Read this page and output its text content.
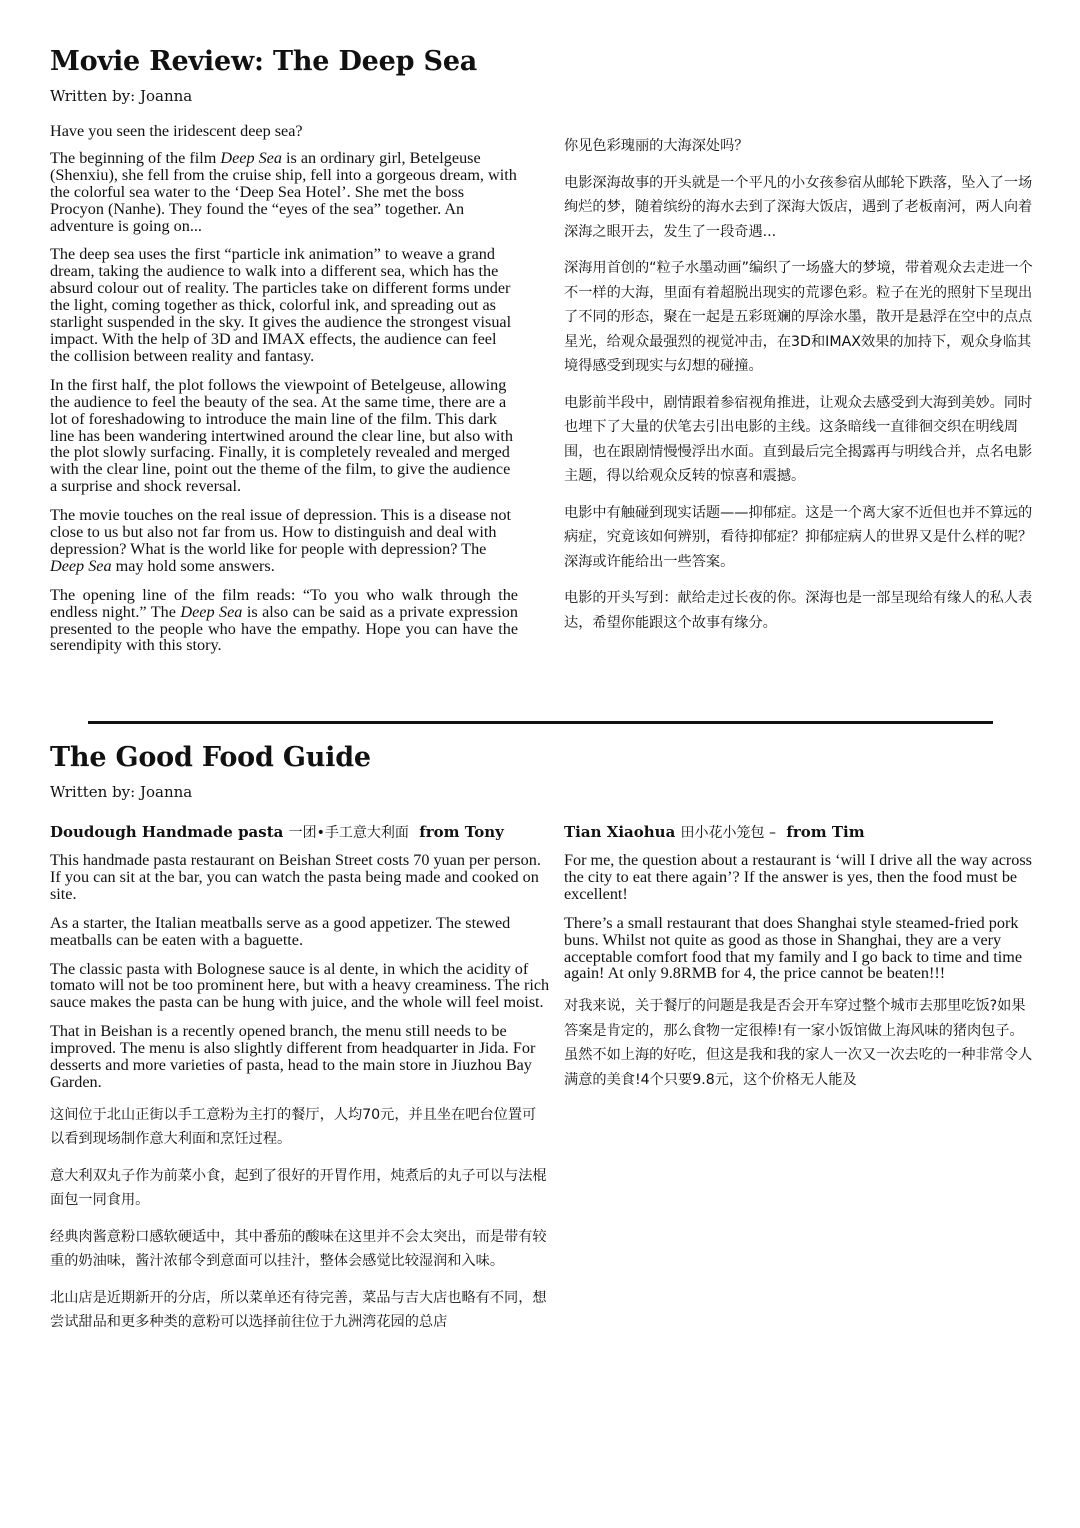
Movie Review: The Deep Sea

Written by: Joanna

Have you seen the iridescent deep sea?

The beginning of the film Deep Sea is an ordinary girl, Betelgeuse (Shenxiu), she fell from the cruise ship, fell into a gorgeous dream, with the colorful sea water to the ‘Deep Sea Hotel’. She met the boss Procyon (Nanhe). They found the “eyes of the sea” together. An adventure is going on...

The deep sea uses the first “particle ink animation” to weave a grand dream, taking the audience to walk into a different sea, which has the absurd colour out of reality. The particles take on different forms under the light, coming together as thick, colorful ink, and spreading out as starlight suspended in the sky. It gives the audience the strongest visual impact. With the help of 3D and IMAX effects, the audience can feel the collision between reality and fantasy.

In the first half, the plot follows the viewpoint of Betelgeuse, allowing the audience to feel the beauty of the sea. At the same time, there are a lot of foreshadowing to introduce the main line of the film. This dark line has been wandering intertwined around the clear line, but also with the plot slowly surfacing. Finally, it is completely revealed and merged with the clear line, point out the theme of the film, to give the audience a surprise and shock reversal.

The movie touches on the real issue of depression. This is a disease not close to us but also not far from us. How to distinguish and deal with depression? What is the world like for people with depression? The Deep Sea may hold some answers.

The opening line of the film reads: “To you who walk through the endless night.” The Deep Sea is also can be said as a private expression presented to the people who have the empathy. Hope you can have the serendipity with this story.

你见色彩瑰丽的大海深处吗？

电影深海故事的开头就是一个平凡的小女孩参宿从邮轮下跌落，坠入了一场绚烂的梦，随着缤纷的海水去到了深海大饭店，遇到了老板南河，两人向着深海之眼开去，发生了一段奇遇...

深海用首创的“粒子水墨动画”编织了一场盛大的梦境，带着观众去走进一个不一样的大海，里面有着超脱出现实的荒谬色彩。粒子在光的照射下呈现出了不同的形态，聚在一起是五彩斑斓的厚涂水墨，散开是悬浮在空中的点点星光，给观众最强烈的视觉冲击，在3D和IMAX效果的加持下，观众身临其境得感受到现实与幻想的碰撞。

电影前半段中，剧情跟着参宿视角推进，让观众去感受到大海到美妙。同时也埋下了大量的伏笔去引出电影的主线。这条暗线一直徘徊交织在明线周围，也在跟剧情慢慢浮出水面。直到最后完全揭露再与明线合并，点名电影主题，得以给观众反转的惊喜和震撼。

电影中有触碰到现实话题——抑郁症。这是一个离大家不近但也并不算远的病症，究竟该如何辨别，看待抑郁症？抑郁症病人的世界又是什么样的呢？深海或许能给出一些答案。

电影的开头写到：献给走过长夜的你。深海也是一部呈现给有缘人的私人表达，希望你能跟这个故事有缘分。

The Good Food Guide

Written by: Joanna

Doudough Handmade pasta 一团•手工意大利面  from Tony

This handmade pasta restaurant on Beishan Street costs 70 yuan per person. If you can sit at the bar, you can watch the pasta being made and cooked on site.

As a starter, the Italian meatballs serve as a good appetizer. The stewed meatballs can be eaten with a baguette.

The classic pasta with Bolognese sauce is al dente, in which the acidity of tomato will not be too prominent here, but with a heavy creaminess. The rich sauce makes the pasta can be hung with juice, and the whole will feel moist.

That in Beishan is a recently opened branch, the menu still needs to be improved. The menu is also slightly different from headquarter in Jida. For desserts and more varieties of pasta, head to the main store in Jiuzhou Bay Garden.

这间位于北山正街以手工意粉为主打的餐厅，人均70元，并且坐在吧台位置可以看到现场制作意大利面和烹饪过程。

意大利双丸子作为前菜小食，起到了很好的开胃作用，炖煮后的丸子可以与法棍面包一同食用。

经典肉酱意粉口感软硬适中，其中番茄的酸味在这里并不会太突出，而是带有较重的奶油味，酱汁浓郁令到意面可以挂汁，整体会感觉比较湿润和入味。

北山店是近期新开的分店，所以菜单还有待完善，菜品与吉大店也略有不同，想尝试甜品和更多种类的意粉可以选择前往位于九洲湾花园的总店

Tian Xiaohua 田小花小笼包 –  from Tim

For me, the question about a restaurant is ‘will I drive all the way across the city to eat there again’? If the answer is yes, then the food must be excellent!

There’s a small restaurant that does Shanghai style steamed-fried pork buns. Whilst not quite as good as those in Shanghai, they are a very acceptable comfort food that my family and I go back to time and time again! At only 9.8RMB for 4, the price cannot be beaten!!!

对我来说，关于餐厅的问题是我是否会开车穿过整个城市去那里吃饭?如果答案是肯定的，那么食物一定很棒!有一家小饭馆做上海风味的猪肉包子。虽然不如上海的好吃，但这是我和我的家人一次又一次去吃的一种非常令人满意的美食!4个只要9.8元，这个价格无人能及
